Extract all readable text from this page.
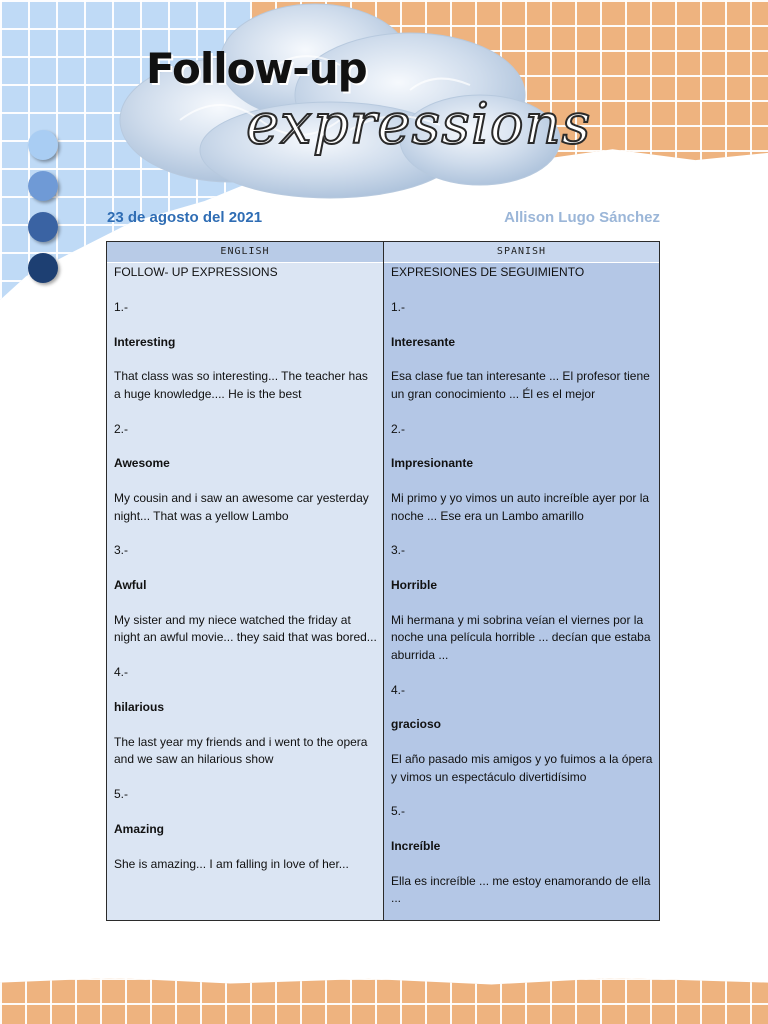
Follow-up
expressions
23 de agosto del 2021	Allison Lugo Sánchez
ENGLISH
FOLLOW- UP EXPRESSIONS
1.-
Interesting
That class was so interesting... The teacher has a huge knowledge.... He is the best
2.-
Awesome
My cousin and i saw an awesome car yesterday night... That was a yellow Lambo
3.-
Awful
My sister and my niece watched the friday at night an awful movie... they said that was bored...
4.-
hilarious
The last year my friends and i went to the opera and we saw an hilarious show
5.-
Amazing
She is amazing... I am falling in love of her...
SPANISH
EXPRESIONES DE SEGUIMIENTO
1.-
Interesante
Esa clase fue tan interesante ... El profesor tiene un gran conocimiento ... Él es el mejor
2.-
Impresionante
Mi primo y yo vimos un auto increíble ayer por la noche ... Ese era un Lambo amarillo
3.-
Horrible
Mi hermana y mi sobrina veían el viernes por la noche una película horrible ... decían que estaba aburrida ...
4.-
gracioso
El año pasado mis amigos y yo fuimos a la ópera y vimos un espectáculo divertidísimo
5.-
Increíble
Ella es increíble ... me estoy enamorando de ella ...
